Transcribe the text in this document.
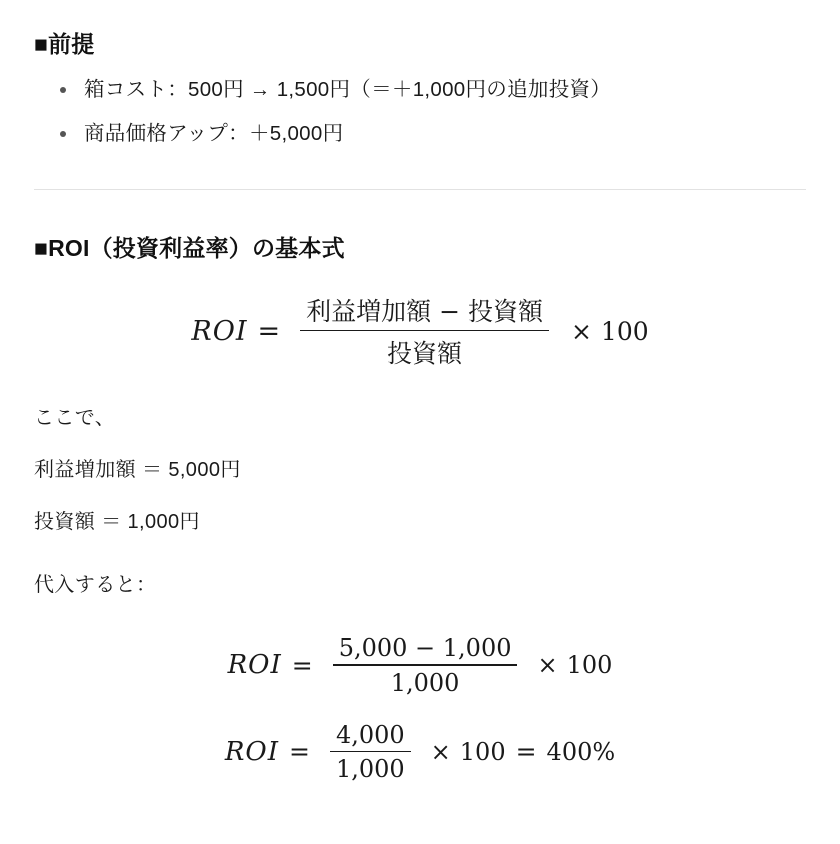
■前提
箱コスト：500円 → 1,500円（＝＋1,000円の追加投資）
商品価格アップ：＋5,000円
■ROI（投資利益率）の基本式
ROI = $\frac{\text{利益増加額 − 投資額}}{\text{投資額}} \times 100$

ここで、

利益増加額 ＝ 5,000円

投資額 ＝ 1,000円

代入すると：

ROI = $\frac{5,000 - 1,000}{1,000} \times 100$
ROI = $\frac{4,000}{1,000} \times 100 = 400\%$
